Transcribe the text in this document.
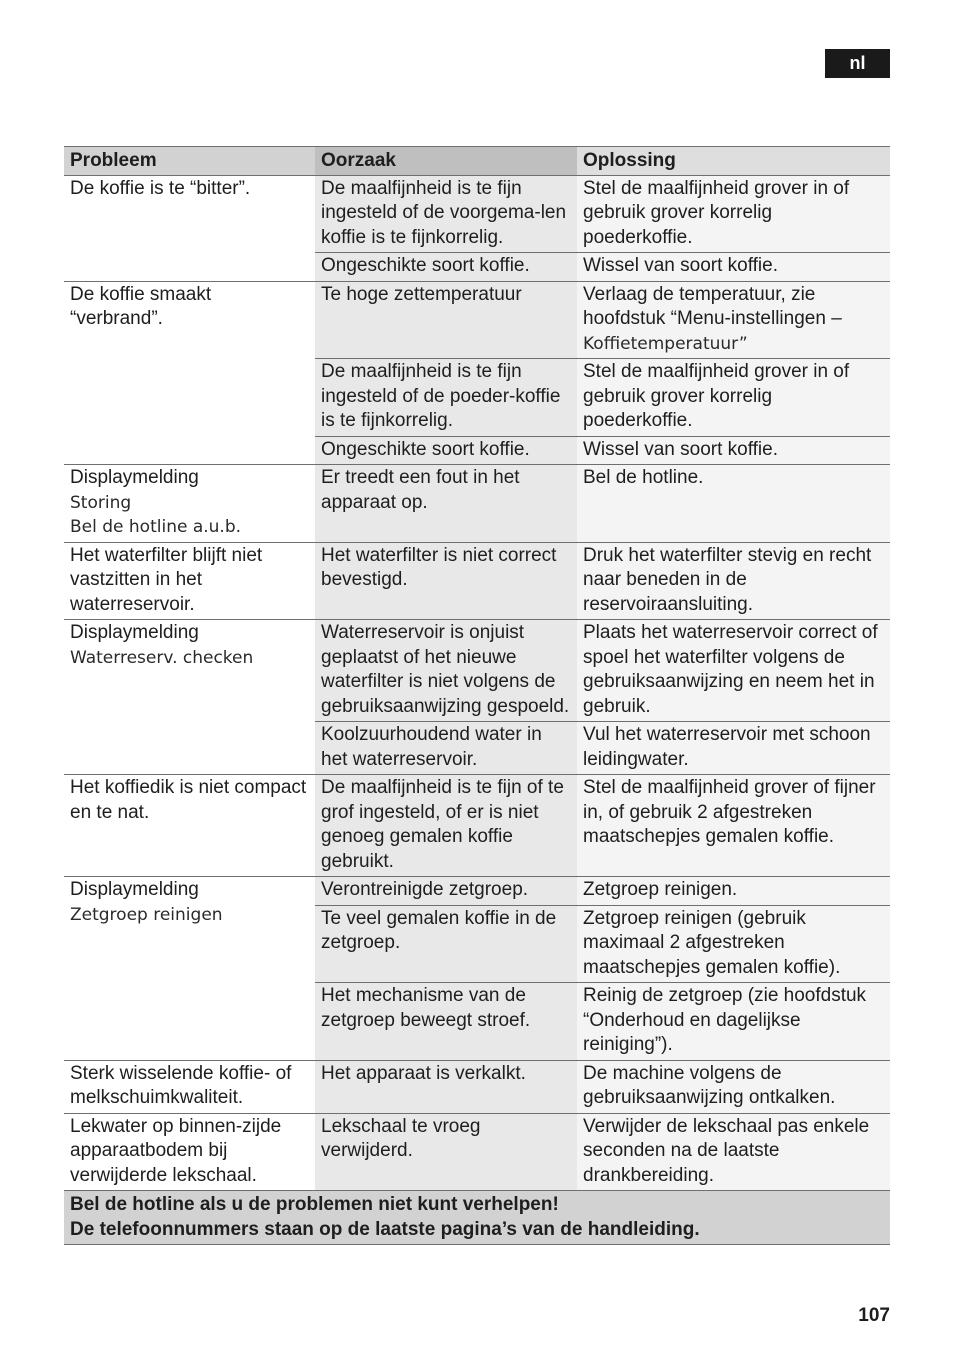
nl
Probleem	Oorzaak	Oplossing
De koffie is te “bitter”.	De maalfijnheid is te fijn ingesteld of de voorgema-len koffie is te fijnkorrelig.	Stel de maalfijnheid grover in of gebruik grover korrelig poederkoffie.
	Ongeschikte soort koffie.	Wissel van soort koffie.
De koffie smaakt “verbrand”.	Te hoge zettemperatuur	Verlaag de temperatuur, zie hoofdstuk “Menu-instellingen –
Koffietemperatuur”

	De maalfijnheid is te fijn ingesteld of de poeder-koffie is te fijnkorrelig.	Stel de maalfijnheid grover in of gebruik grover korrelig poederkoffie.
	Ongeschikte soort koffie.	Wissel van soort koffie.

Displaymelding
Storing
Bel de hotline a.u.b.	Er treedt een fout in het apparaat op.	Bel de hotline.
Het waterfilter blijft niet vastzitten in het waterreservoir.	Het waterfilter is niet correct bevestigd.	Druk het waterfilter stevig en recht naar beneden in de reservoiraansluiting.

Displaymelding
Waterreserv. checken	Waterreservoir is onjuist geplaatst of het nieuwe waterfilter is niet volgens de gebruiksaanwijzing gespoeld.	Plaats het waterreservoir correct of spoel het waterfilter volgens de gebruiksaanwijzing en neem het in gebruik.
	Koolzuurhoudend water in het waterreservoir.	Vul het waterreservoir met schoon leidingwater.
Het koffiedik is niet compact en te nat.	De maalfijnheid is te fijn of te grof ingesteld, of er is niet genoeg gemalen koffie gebruikt.	Stel de maalfijnheid grover of fijner in, of gebruik 2 afgestreken maatschepjes gemalen koffie.

Displaymelding
Zetgroep reinigen	Verontreinigde zetgroep.	Zetgroep reinigen.
	Te veel gemalen koffie in de zetgroep.	Zetgroep reinigen (gebruik maximaal 2 afgestreken maatschepjes gemalen koffie).
	Het mechanisme van de zetgroep beweegt stroef.	Reinig de zetgroep (zie hoofdstuk “Onderhoud en dagelijkse reiniging”).
Sterk wisselende koffie- of melkschuimkwaliteit.	Het apparaat is verkalkt.	De machine volgens de gebruiksaanwijzing ontkalken.
Lekwater op binnen-zijde apparaatbodem bij verwijderde lekschaal.	Lekschaal te vroeg verwijderd.	Verwijder de lekschaal pas enkele seconden na de laatste drankbereiding.

Bel de hotline als u de problemen niet kunt verhelpen!
De telefoonnummers staan op de laatste pagina’s van de handleiding.		
107
